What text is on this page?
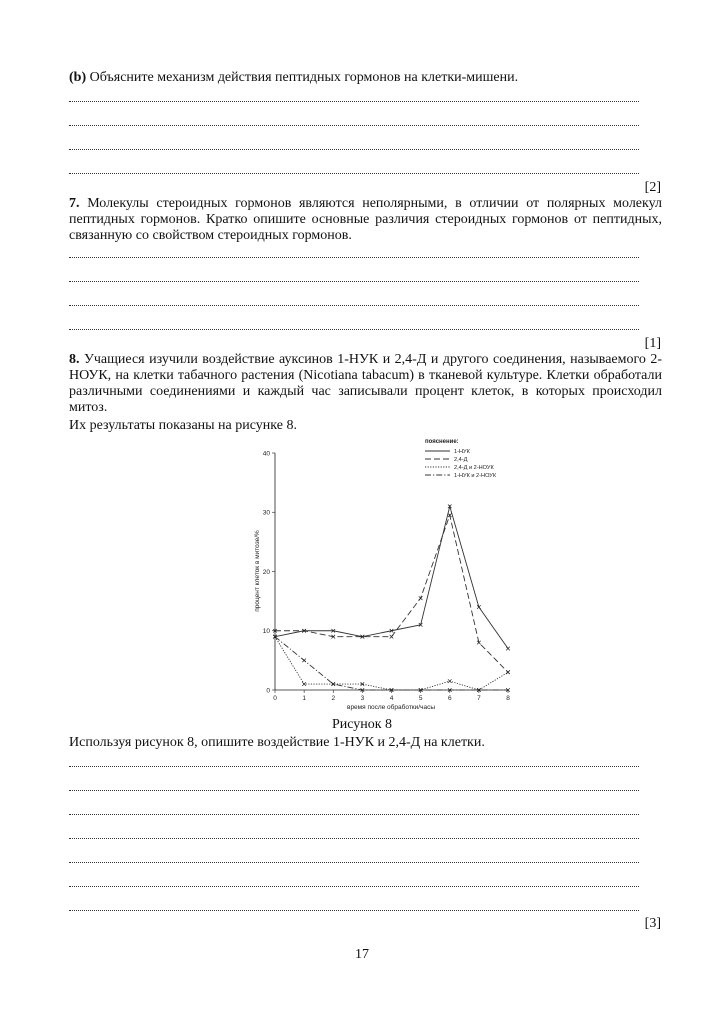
(b) Объясните механизм действия пептидных гормонов на клетки-мишени.
[2]
7. Молекулы стероидных гормонов являются неполярными, в отличии от полярных молекул пептидных гормонов. Кратко опишите основные различия стероидных гормонов от пептидных, связанную со свойством стероидных гормонов.
[1]
8. Учащиеся изучили воздействие ауксинов 1-НУК и 2,4-Д и другого соединения, называемого 2-НОУК, на клетки табачного растения (Nicotiana tabacum) в тканевой культуре. Клетки обработали различными соединениями и каждый час записывали процент клеток, в которых происходил митоз.
Их результаты показаны на рисунке 8.
0	1	2	3	4	5	6	7	8
0
10
20
30
40
пояснение:
1-НУК
2,4-Д
2,4-Д и 2-НОУК
1-НУК и 2-НОУК
время после обработки/часы
процент клеток в митозе/%
Рисунок 8
Используя рисунок 8, опишите воздействие 1-НУК и 2,4-Д на клетки.
[3]
17
